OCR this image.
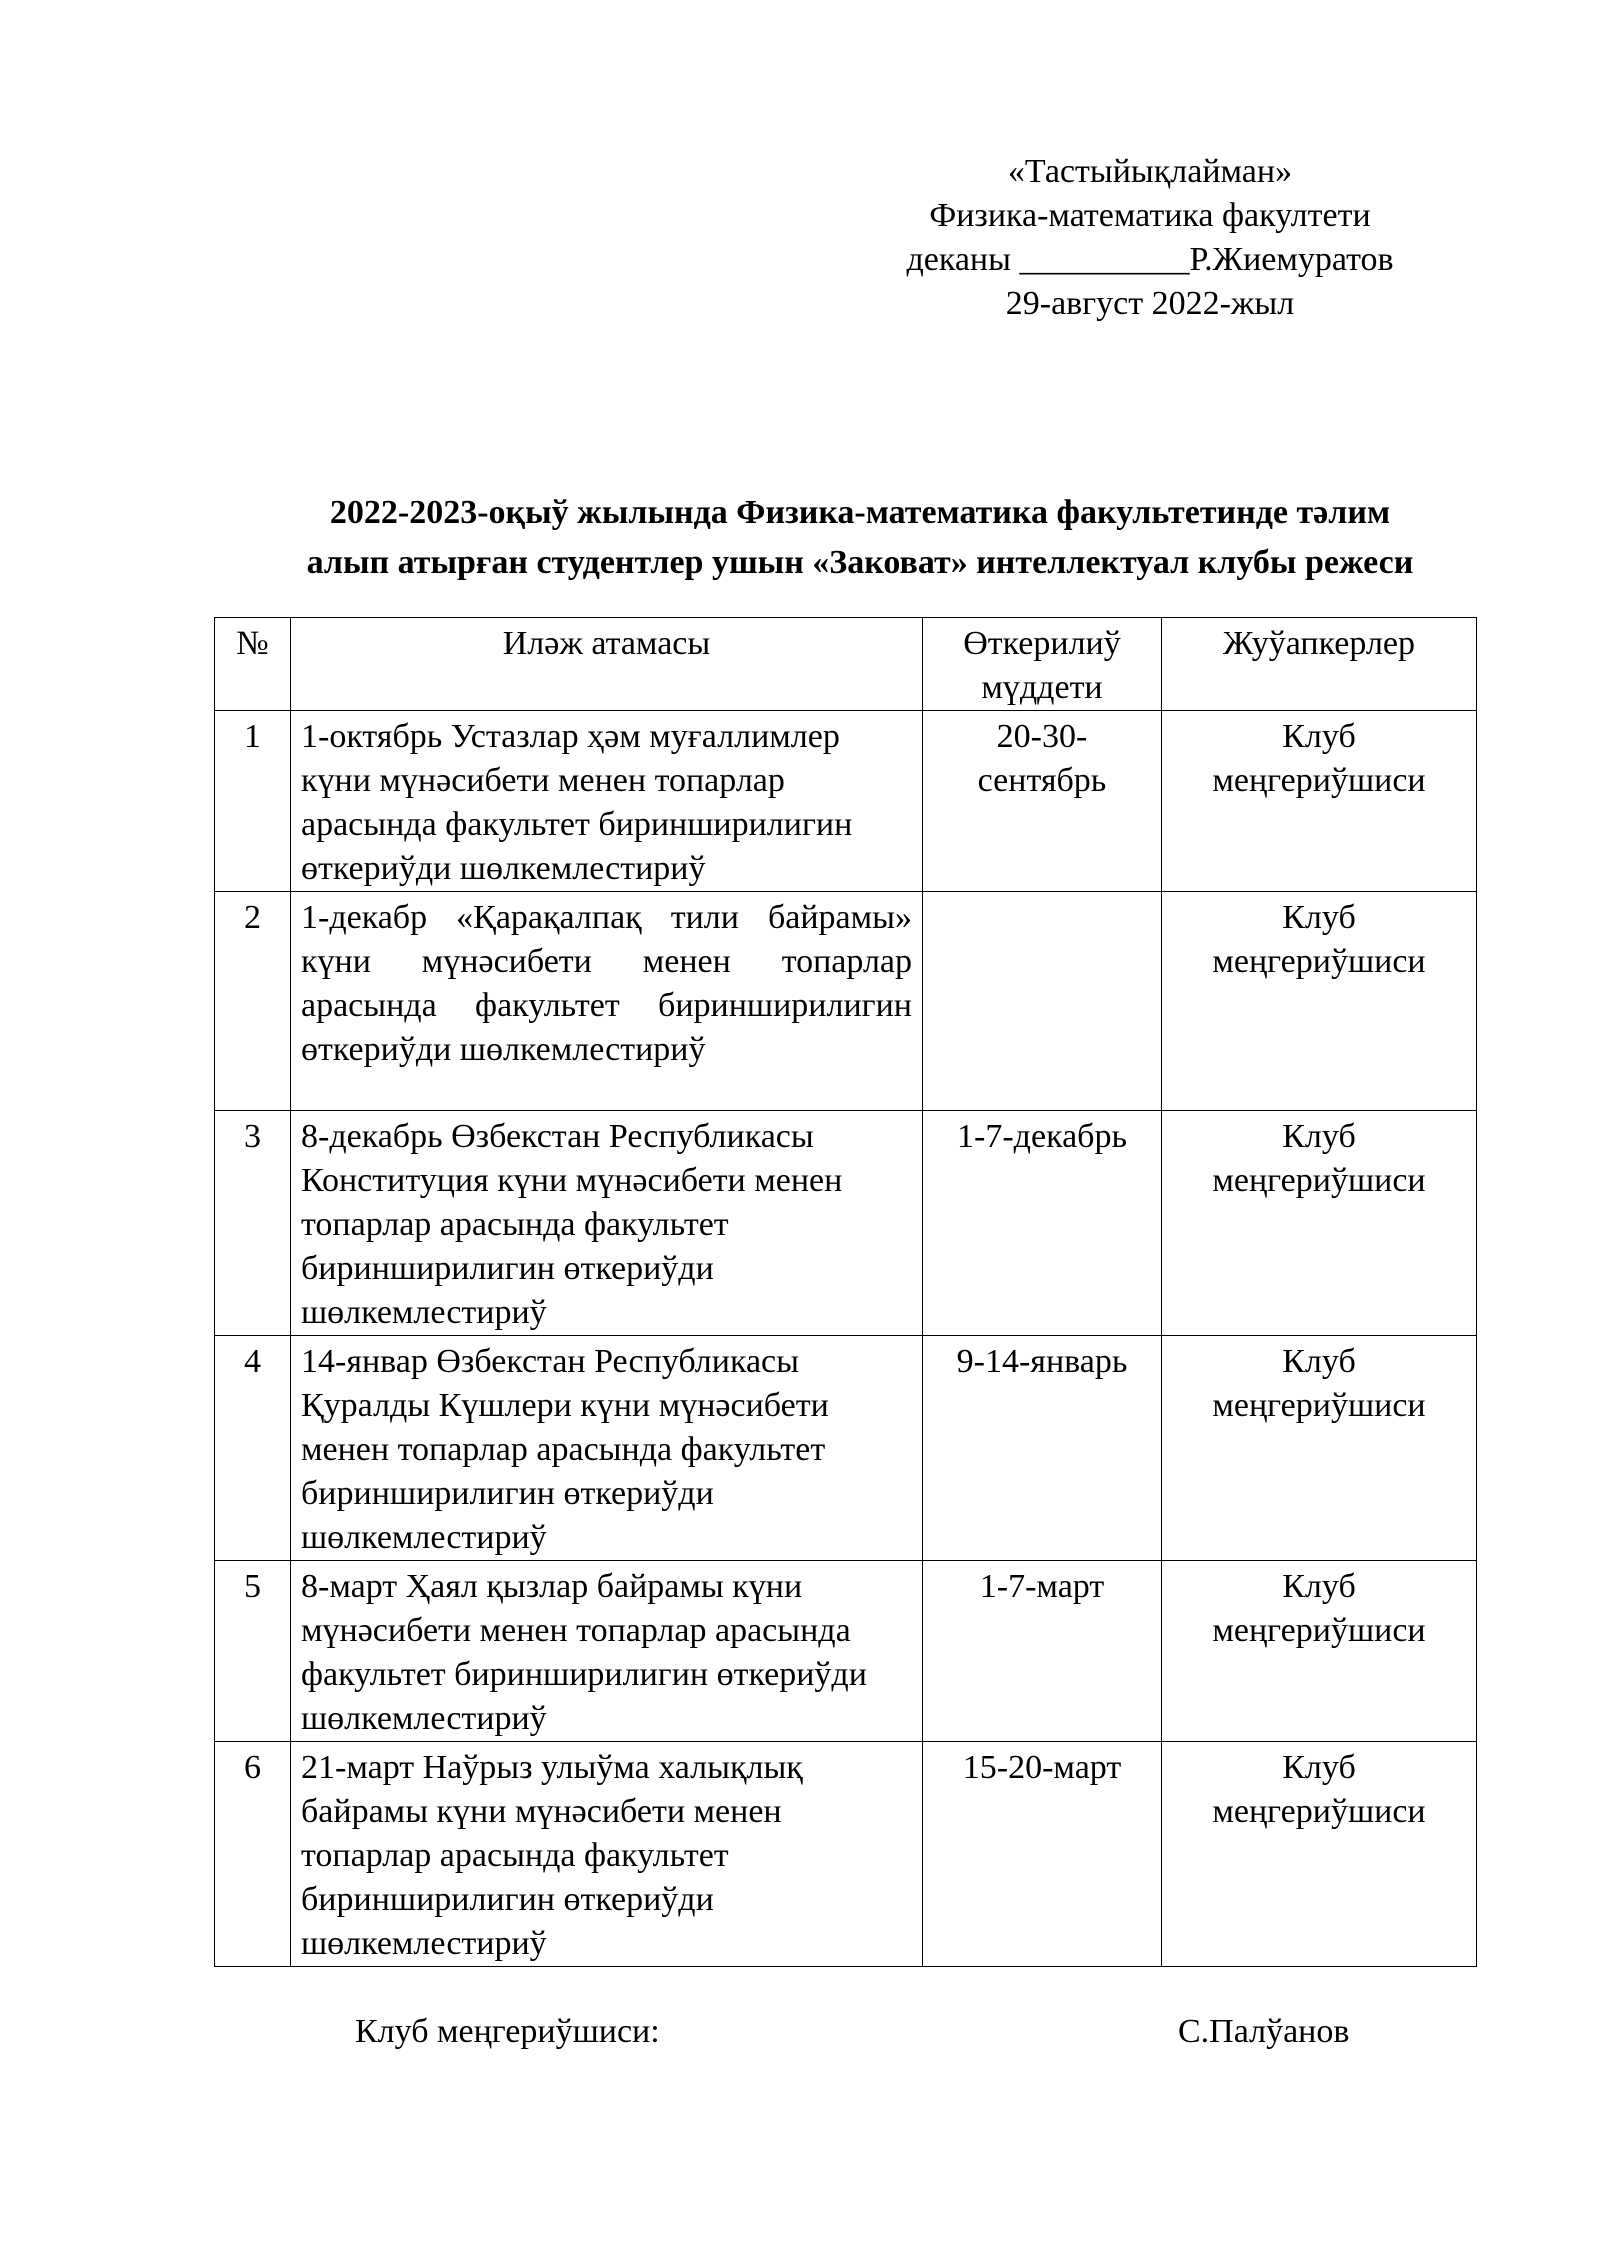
«Тастыйықлайман»
Физика-математика факултети
деканы __________Р.Жиемуратов
29-август 2022-жыл
2022-2023-оқыў жылында Физика-математика факультетинде тәлим
алып атырған студентлер ушын «Заковат» интеллектуал клубы режеси
№	Иләж атамасы	Өткерилиў мүддети	Жуўапкерлер
1	1-октябрь Устазлар ҳәм муғаллимлер күни мүнәсибети менен топарлар арасында факультет биринширилигин өткериўди шөлкемлестириў	20-30-сентябрь	Клуб меңгериўшиси
2	1-декабр «Қарақалпақ тили байрамы» күни мүнәсибети менен топарлар арасында факультет биринширилигин өткериўди шөлкемлестириў		Клуб меңгериўшиси
3	8-декабрь Өзбекстан Республикасы Конституция күни мүнәсибети менен топарлар арасында факультет биринширилигин өткериўди шөлкемлестириў	1-7-декабрь	Клуб меңгериўшиси
4	14-январ Өзбекстан Республикасы Қуралды Күшлери күни мүнәсибети менен топарлар арасында факультет биринширилигин өткериўди шөлкемлестириў	9-14-январь	Клуб меңгериўшиси
5	8-март Ҳаял қызлар байрамы күни мүнәсибети менен топарлар арасында факультет биринширилигин өткериўди шөлкемлестириў	1-7-март	Клуб меңгериўшиси
6	21-март Наўрыз улыўма халықлық байрамы күни мүнәсибети менен топарлар арасында факультет биринширилигин өткериўди шөлкемлестириў	15-20-март	Клуб меңгериўшиси
Клуб меңгериўшиси:	С.Палўанов
